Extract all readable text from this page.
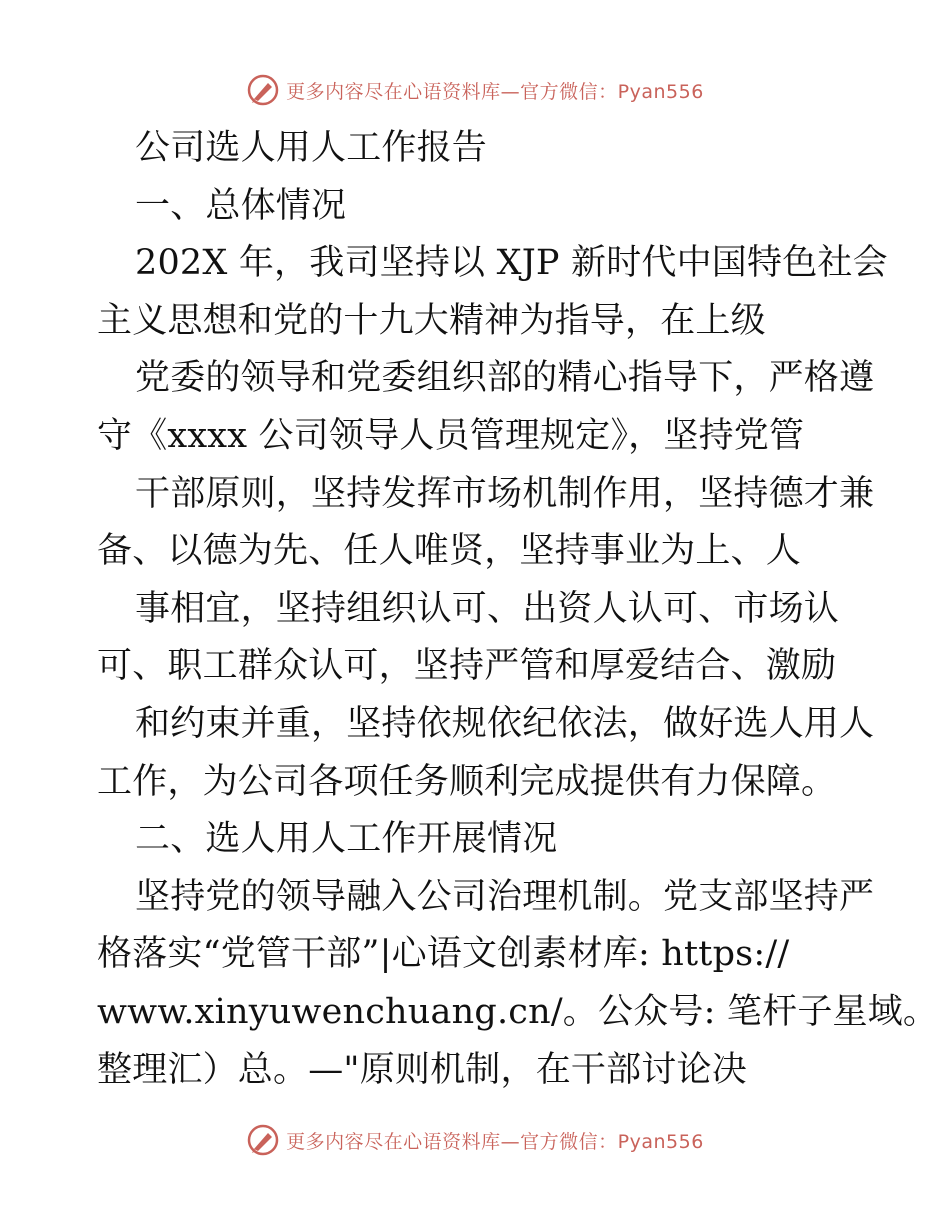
更多内容尽在心语资料库—官方微信：Pyan556
公司选人用人工作报告
一、总体情况
202X 年，我司坚持以 XJP 新时代中国特色社会
主义思想和党的十九大精神为指导，在上级
党委的领导和党委组织部的精心指导下，严格遵
守《xxxx 公司领导人员管理规定》，坚持党管
干部原则，坚持发挥市场机制作用，坚持德才兼
备、以德为先、任人唯贤，坚持事业为上、人
事相宜，坚持组织认可、出资人认可、市场认
可、职工群众认可，坚持严管和厚爱结合、激励
和约束并重，坚持依规依纪依法，做好选人用人
工作，为公司各项任务顺利完成提供有力保障。
二、选人用人工作开展情况
坚持党的领导融入公司治理机制。党支部坚持严
格落实“党管干部”|心语文创素材库: https://
www.xinyuwenchuang.cn/。公众号: 笔杆子星域。
整理汇）总。—"原则机制，在干部讨论决
更多内容尽在心语资料库—官方微信：Pyan556
